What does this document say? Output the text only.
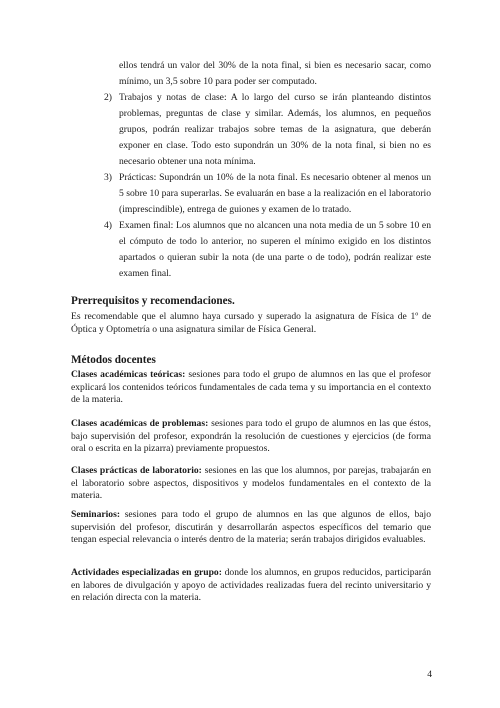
ellos tendrá un valor del 30% de la nota final, si bien es necesario sacar, como mínimo, un 3,5 sobre 10 para poder ser computado.

2) Trabajos y notas de clase: A lo largo del curso se irán planteando distintos problemas, preguntas de clase y similar. Además, los alumnos, en pequeños grupos, podrán realizar trabajos sobre temas de la asignatura, que deberán exponer en clase. Todo esto supondrán un 30% de la nota final, si bien no es necesario obtener una nota mínima.
3) Prácticas: Supondrán un 10% de la nota final. Es necesario obtener al menos un 5 sobre 10 para superarlas. Se evaluarán en base a la realización en el laboratorio (imprescindible), entrega de guiones y examen de lo tratado.
4) Examen final: Los alumnos que no alcancen una nota media de un 5 sobre 10 en el cómputo de todo lo anterior, no superen el mínimo exigido en los distintos apartados o quieran subir la nota (de una parte o de todo), podrán realizar este examen final.
Prerrequisitos y recomendaciones.

Es recomendable que el alumno haya cursado y superado la asignatura de Física de 1º de Óptica y Optometría o una asignatura similar de Física General.

Métodos docentes

Clases académicas teóricas: sesiones para todo el grupo de alumnos en las que el profesor explicará los contenidos teóricos fundamentales de cada tema y su importancia en el contexto de la materia.

Clases académicas de problemas: sesiones para todo el grupo de alumnos en las que éstos, bajo supervisión del profesor, expondrán la resolución de cuestiones y ejercicios (de forma oral o escrita en la pizarra) previamente propuestos.

Clases prácticas de laboratorio: sesiones en las que los alumnos, por parejas, trabajarán en el laboratorio sobre aspectos, dispositivos y modelos fundamentales en el contexto de la materia.

Seminarios: sesiones para todo el grupo de alumnos en las que algunos de ellos, bajo supervisión del profesor, discutirán y desarrollarán aspectos específicos del temario que tengan especial relevancia o interés dentro de la materia; serán trabajos dirigidos evaluables.

Actividades especializadas en grupo: donde los alumnos, en grupos reducidos, participarán en labores de divulgación y apoyo de actividades realizadas fuera del recinto universitario y en relación directa con la materia.

4
